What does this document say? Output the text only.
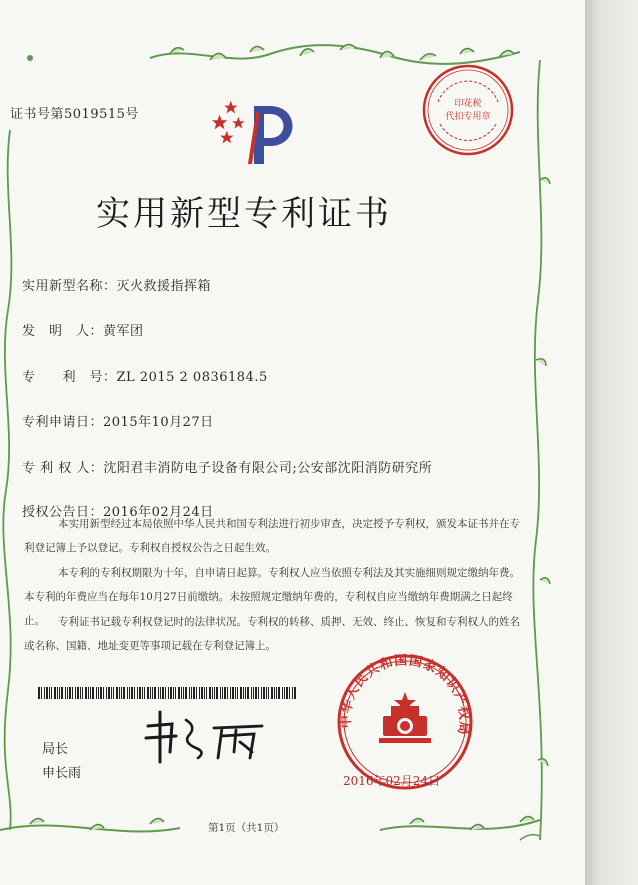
印花税
代扣专用章
证书号第5019515号
实用新型专利证书
实用新型名称：灭火救援指挥箱
发　明　人：黄军团
专　　利　号：ZL 2015 2 0836184.5
专利申请日：2015年10月27日
专 利 权 人：沈阳君丰消防电子设备有限公司;公安部沈阳消防研究所
授权公告日：2016年02月24日
本实用新型经过本局依照中华人民共和国专利法进行初步审查，决定授予专利权，颁发本证书并在专利登记簿上予以登记。专利权自授权公告之日起生效。
本专利的专利权期限为十年，自申请日起算。专利权人应当依照专利法及其实施细则规定缴纳年费。本专利的年费应当在每年10月27日前缴纳。未按照规定缴纳年费的，专利权自应当缴纳年费期满之日起终止。	专利证书记载专利权登记时的法律状况。专利权的转移、质押、无效、终止、恢复和专利权人的姓名或名称、国籍、地址变更等事项记载在专利登记簿上。
局长
申长雨
中华人民共和国国家知识产权局
2016年02月24日
第1页（共1页）
